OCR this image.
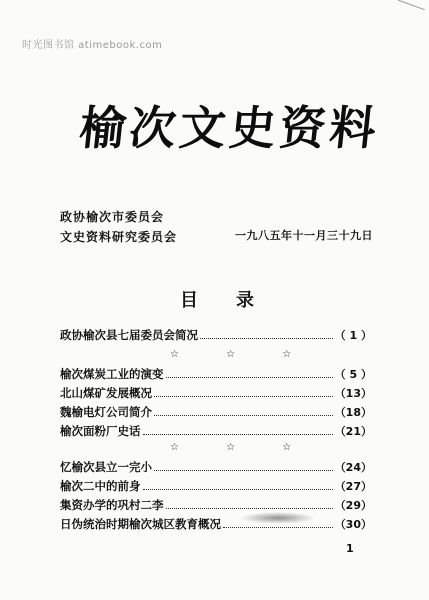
时光图书馆 atimebook.com
榆次文史资料
政协榆次市委员会
文史资料研究委员会	一九八五年十一月三十九日
目录
政协榆次县七届委员会简况	（ 1 ）
☆ ☆ ☆
榆次煤炭工业的演变	（ 5 ）
北山煤矿发展概况	（13）
魏榆电灯公司简介	（18）
榆次面粉厂史话	（21）
☆ ☆ ☆
忆榆次县立一完小	（24）
榆次二中的前身	（27）
集资办学的巩村二李	（29）
日伪统治时期榆次城区教育概况	（30）
1
